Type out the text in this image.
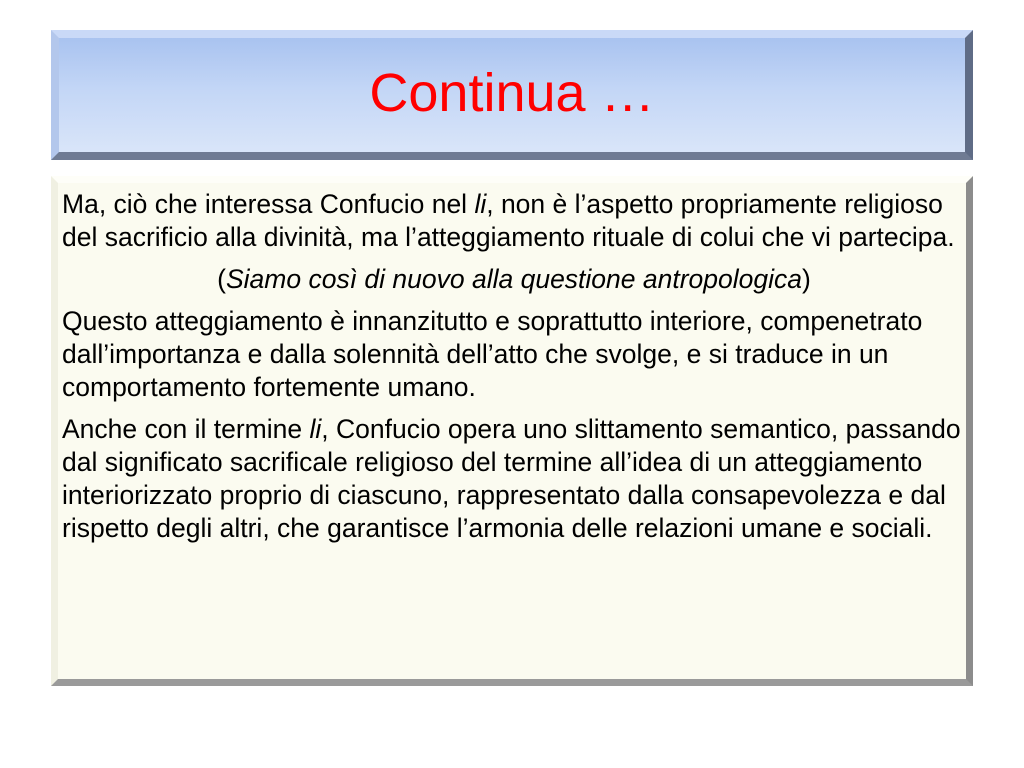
Continua …

Ma, ciò che interessa Confucio nel li, non è l’aspetto propriamente religioso del sacrificio alla divinità, ma l’atteggiamento rituale di colui che vi partecipa.

(Siamo così di nuovo alla questione antropologica)

Questo atteggiamento è innanzitutto e soprattutto interiore, compenetrato dall’importanza e dalla solennità dell’atto che svolge, e si traduce in un comportamento fortemente umano.

Anche con il termine li, Confucio opera uno slittamento semantico, passando dal significato sacrificale religioso del termine all’idea di un atteggiamento interiorizzato proprio di ciascuno, rappresentato dalla consapevolezza e dal rispetto degli altri, che garantisce l’armonia delle relazioni umane e sociali.
